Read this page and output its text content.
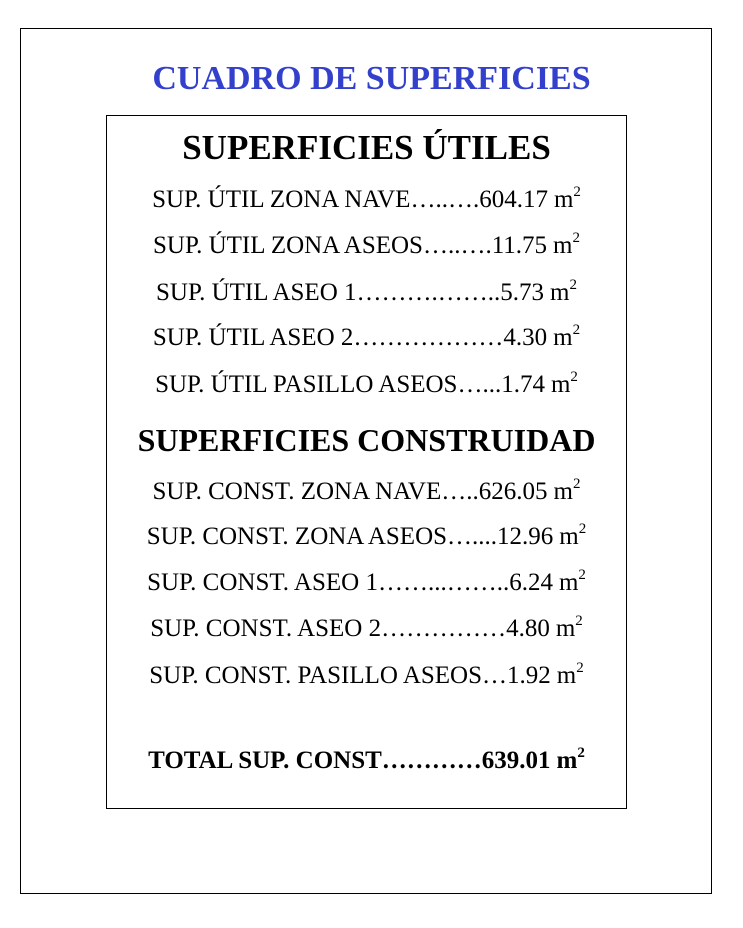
CUADRO DE SUPERFICIES
SUPERFICIES ÚTILES
SUP. ÚTIL ZONA NAVE…..….604.17 $m^2$
SUP. ÚTIL ZONA ASEOS…..….11.75 $m^2$
SUP. ÚTIL ASEO 1……….……..5.73 $m^2$
SUP. ÚTIL ASEO 2………………4.30 $m^2$
SUP. ÚTIL PASILLO ASEOS…...1.74 $m^2$
SUPERFICIES CONSTRUIDAD
SUP. CONST. ZONA NAVE…..626.05 $m^2$
SUP. CONST. ZONA ASEOS…....12.96 $m^2$
SUP. CONST. ASEO 1……...……..6.24 $m^2$
SUP. CONST. ASEO 2……………4.80 $m^2$
SUP. CONST. PASILLO ASEOS…1.92 $m^2$
TOTAL SUP. CONST…………639.01 $m^2$
